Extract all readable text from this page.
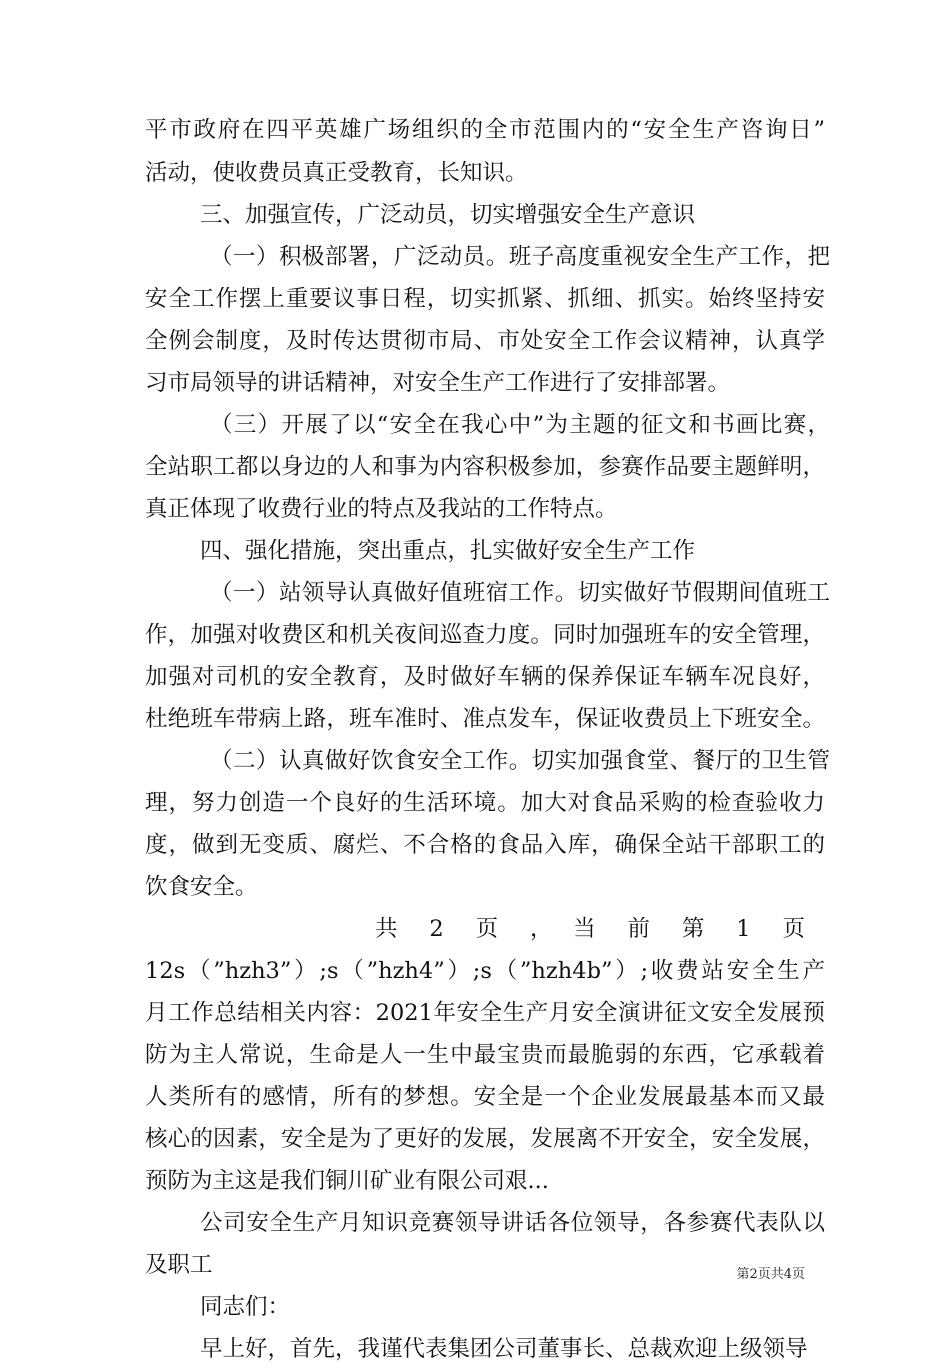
平市政府在四平英雄广场组织的全市范围内的“安全生产咨询日”
活动，使收费员真正受教育，长知识。
三、加强宣传，广泛动员，切实增强安全生产意识
（一）积极部署，广泛动员。班子高度重视安全生产工作，把
安全工作摆上重要议事日程，切实抓紧、抓细、抓实。始终坚持安
全例会制度，及时传达贯彻市局、市处安全工作会议精神，认真学
习市局领导的讲话精神，对安全生产工作进行了安排部署。
（三）开展了以“安全在我心中”为主题的征文和书画比赛，
全站职工都以身边的人和事为内容积极参加，参赛作品要主题鲜明，
真正体现了收费行业的特点及我站的工作特点。
四、强化措施，突出重点，扎实做好安全生产工作
（一）站领导认真做好值班宿工作。切实做好节假期间值班工
作，加强对收费区和机关夜间巡查力度。同时加强班车的安全管理，
加强对司机的安全教育，及时做好车辆的保养保证车辆车况良好，
杜绝班车带病上路，班车准时、准点发车，保证收费员上下班安全。
（二）认真做好饮食安全工作。切实加强食堂、餐厅的卫生管
理，努力创造一个良好的生活环境。加大对食品采购的检查验收力
度，做到无变质、腐烂、不合格的食品入库，确保全站干部职工的
饮食安全。
共　2　页　，　当　前　第　1　页
12s（”hzh3”）;s（”hzh4”）;s（”hzh4b”）;收费站安全生产
月工作总结相关内容：2021年安全生产月安全演讲征文安全发展预
防为主人常说，生命是人一生中最宝贵而最脆弱的东西，它承载着
人类所有的感情，所有的梦想。安全是一个企业发展最基本而又最
核心的因素，安全是为了更好的发展，发展离不开安全，安全发展，
预防为主这是我们铜川矿业有限公司艰...
公司安全生产月知识竞赛领导讲话各位领导，各参赛代表队以
及职工
同志们：
早上好，首先，我谨代表集团公司董事长、总裁欢迎上级领导
第2页共4页
